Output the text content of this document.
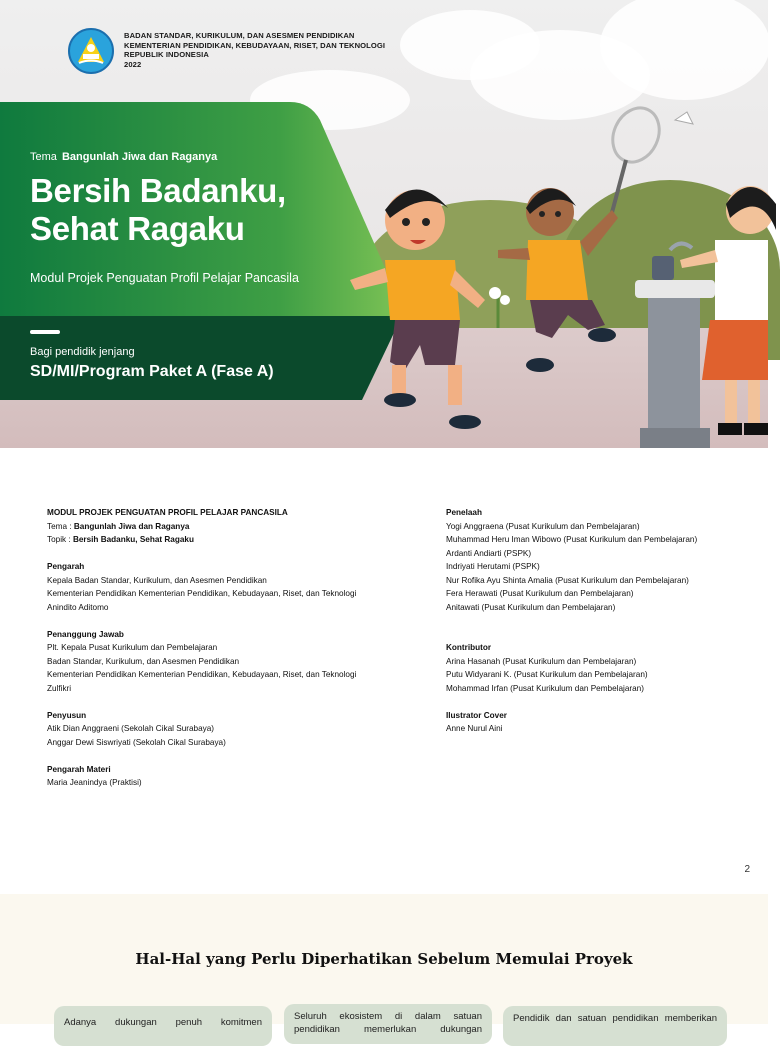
BADAN STANDAR, KURIKULUM, DAN ASESMEN PENDIDIKAN
KEMENTERIAN PENDIDIKAN, KEBUDAYAAN, RISET, DAN TEKNOLOGI
REPUBLIK INDONESIA
2022
Tema Bangunlah Jiwa dan Raganya
Bersih Badanku,
Sehat Ragaku
Modul Projek Penguatan Profil Pelajar Pancasila
Bagi pendidik jenjang
SD/MI/Program Paket A (Fase A)
MODUL PROJEK PENGUATAN PROFIL PELAJAR PANCASILA
Tema : Bangunlah Jiwa dan Raganya
Topik : Bersih Badanku, Sehat Ragaku
Pengarah
Kepala Badan Standar, Kurikulum, dan Asesmen Pendidikan
Kementerian Pendidikan Kementerian Pendidikan, Kebudayaan, Riset, dan Teknologi
Anindito Aditomo
Penanggung Jawab
Plt. Kepala Pusat Kurikulum dan Pembelajaran
Badan Standar, Kurikulum, dan Asesmen Pendidikan
Kementerian Pendidikan Kementerian Pendidikan, Kebudayaan, Riset, dan Teknologi
Zulfikri
Penyusun
Atik Dian Anggraeni (Sekolah Cikal Surabaya)
Anggar Dewi Siswriyati (Sekolah Cikal Surabaya)
Pengarah Materi
Maria Jeanindya (Praktisi)
Penelaah
Yogi Anggraena (Pusat Kurikulum dan Pembelajaran)
Muhammad Heru Iman Wibowo (Pusat Kurikulum dan Pembelajaran)
Ardanti Andiarti (PSPK)
Indriyati Herutami (PSPK)
Nur Rofika Ayu Shinta Amalia (Pusat Kurikulum dan Pembelajaran)
Fera Herawati (Pusat Kurikulum dan Pembelajaran)
Anitawati (Pusat Kurikulum dan Pembelajaran)
Kontributor
Arina Hasanah (Pusat Kurikulum dan Pembelajaran)
Putu Widyarani K. (Pusat Kurikulum dan Pembelajaran)
Mohammad Irfan (Pusat Kurikulum dan Pembelajaran)
Ilustrator Cover
Anne Nurul Aini
2
Hal-Hal yang Perlu Diperhatikan Sebelum Memulai Proyek
Adanya dukungan penuh komitmen
Seluruh ekosistem di dalam satuan
pendidikan memerlukan dukungan
Pendidik dan satuan pendidikan memberikan
